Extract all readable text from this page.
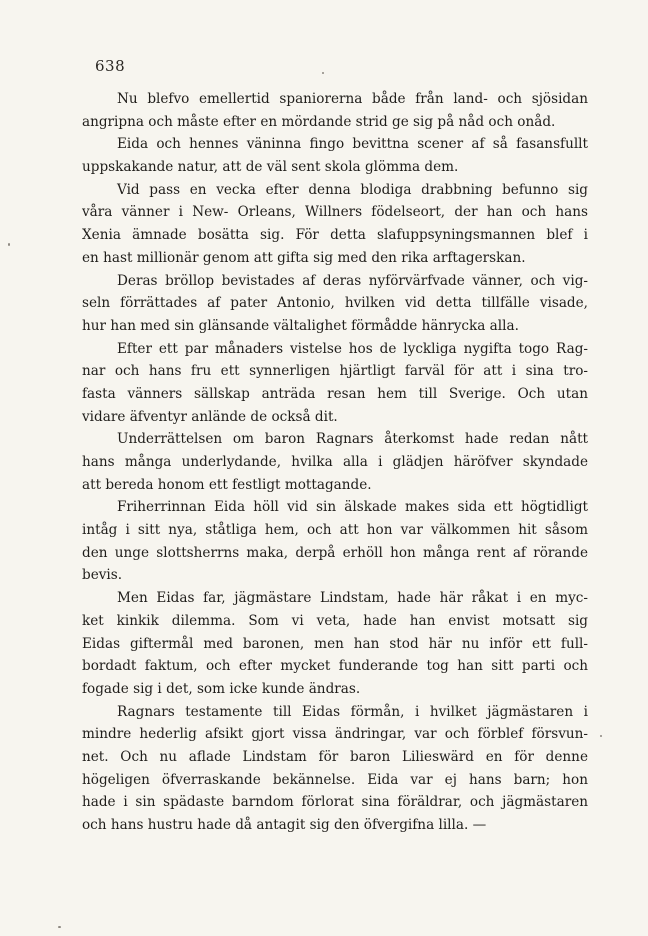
638
Nu blefvo emellertid spaniorerna både från land- och sjösidan
angripna och måste efter en mördande strid ge sig på nåd och onåd.
Eida och hennes väninna fingo bevittna scener af så fasansfullt
uppskakande natur, att de väl sent skola glömma dem.
Vid pass en vecka efter denna blodiga drabbning befunno sig
våra vänner i New- Orleans, Willners födelseort, der han och hans
Xenia ämnade bosätta sig. För detta slafuppsyningsmannen blef i
en hast millionär genom att gifta sig med den rika arftagerskan.
Deras bröllop bevistades af deras nyförvärfvade vänner, och vig-
seln förrättades af pater Antonio, hvilken vid detta tillfälle visade,
hur han med sin glänsande vältalighet förmådde hänrycka alla.
Efter ett par månaders vistelse hos de lyckliga nygifta togo Rag-
nar och hans fru ett synnerligen hjärtligt farväl för att i sina tro-
fasta vänners sällskap anträda resan hem till Sverige. Och utan
vidare äfventyr anlände de också dit.
Underrättelsen om baron Ragnars återkomst hade redan nått
hans många underlydande, hvilka alla i glädjen häröfver skyndade
att bereda honom ett festligt mottagande.
Friherrinnan Eida höll vid sin älskade makes sida ett högtidligt
intåg i sitt nya, ståtliga hem, och att hon var välkommen hit såsom
den unge slottsherrns maka, derpå erhöll hon många rent af rörande
bevis.
Men Eidas far, jägmästare Lindstam, hade här råkat i en myc-
ket kinkik dilemma. Som vi veta, hade han envist motsatt sig
Eidas giftermål med baronen, men han stod här nu inför ett full-
bordadt faktum, och efter mycket funderande tog han sitt parti och
fogade sig i det, som icke kunde ändras.
Ragnars testamente till Eidas förmån, i hvilket jägmästaren i
mindre hederlig afsikt gjort vissa ändringar, var och förblef försvun-
net. Och nu aflade Lindstam för baron Lilieswärd en för denne
högeligen öfverraskande bekännelse. Eida var ej hans barn; hon
hade i sin spädaste barndom förlorat sina föräldrar, och jägmästaren
och hans hustru hade då antagit sig den öfvergifna lilla. —
